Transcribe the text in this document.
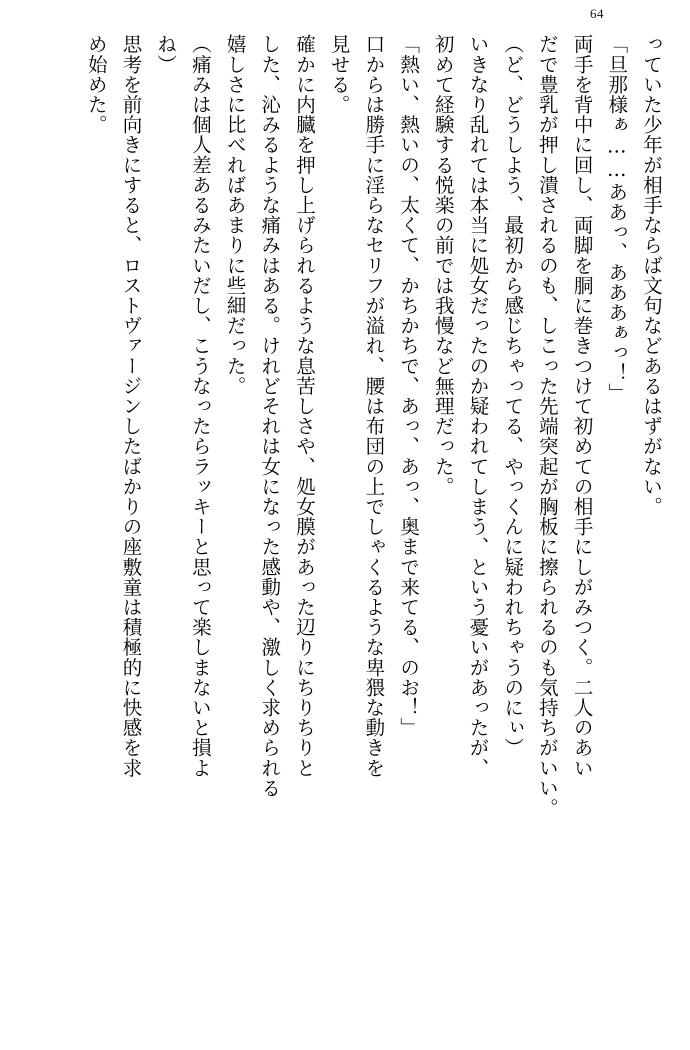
64
っていた少年が相手ならば文句などあるはずがない。
「旦那様ぁ……ああっ、あああぁっ！」
両手を背中に回し、両脚を胴に巻きつけて初めての相手にしがみつく。二人のあい
だで豊乳が押し潰されるのも、しこった先端突起が胸板に擦られるのも気持ちがいい。
（ど、どうしよう、最初から感じちゃってる、やっくんに疑われちゃうのにぃ）
いきなり乱れては本当に処女だったのか疑われてしまう、という憂いがあったが、
初めて経験する悦楽の前では我慢など無理だった。
「熱い、熱いの、太くて、かちかちで、あっ、あっ、奥まで来てる、のお！」
口からは勝手に淫らなセリフが溢れ、腰は布団の上でしゃくるような卑猥な動きを
見せる。
確かに内臓を押し上げられるような息苦しさや、処女膜があった辺りにちりちりと
した、沁みるような痛みはある。けれどそれは女になった感動や、激しく求められる
嬉しさに比べればあまりに些細だった。
（痛みは個人差あるみたいだし、こうなったらラッキーと思って楽しまないと損よ
ね）
思考を前向きにすると、ロストヴァージンしたばかりの座敷童は積極的に快感を求
め始めた。
